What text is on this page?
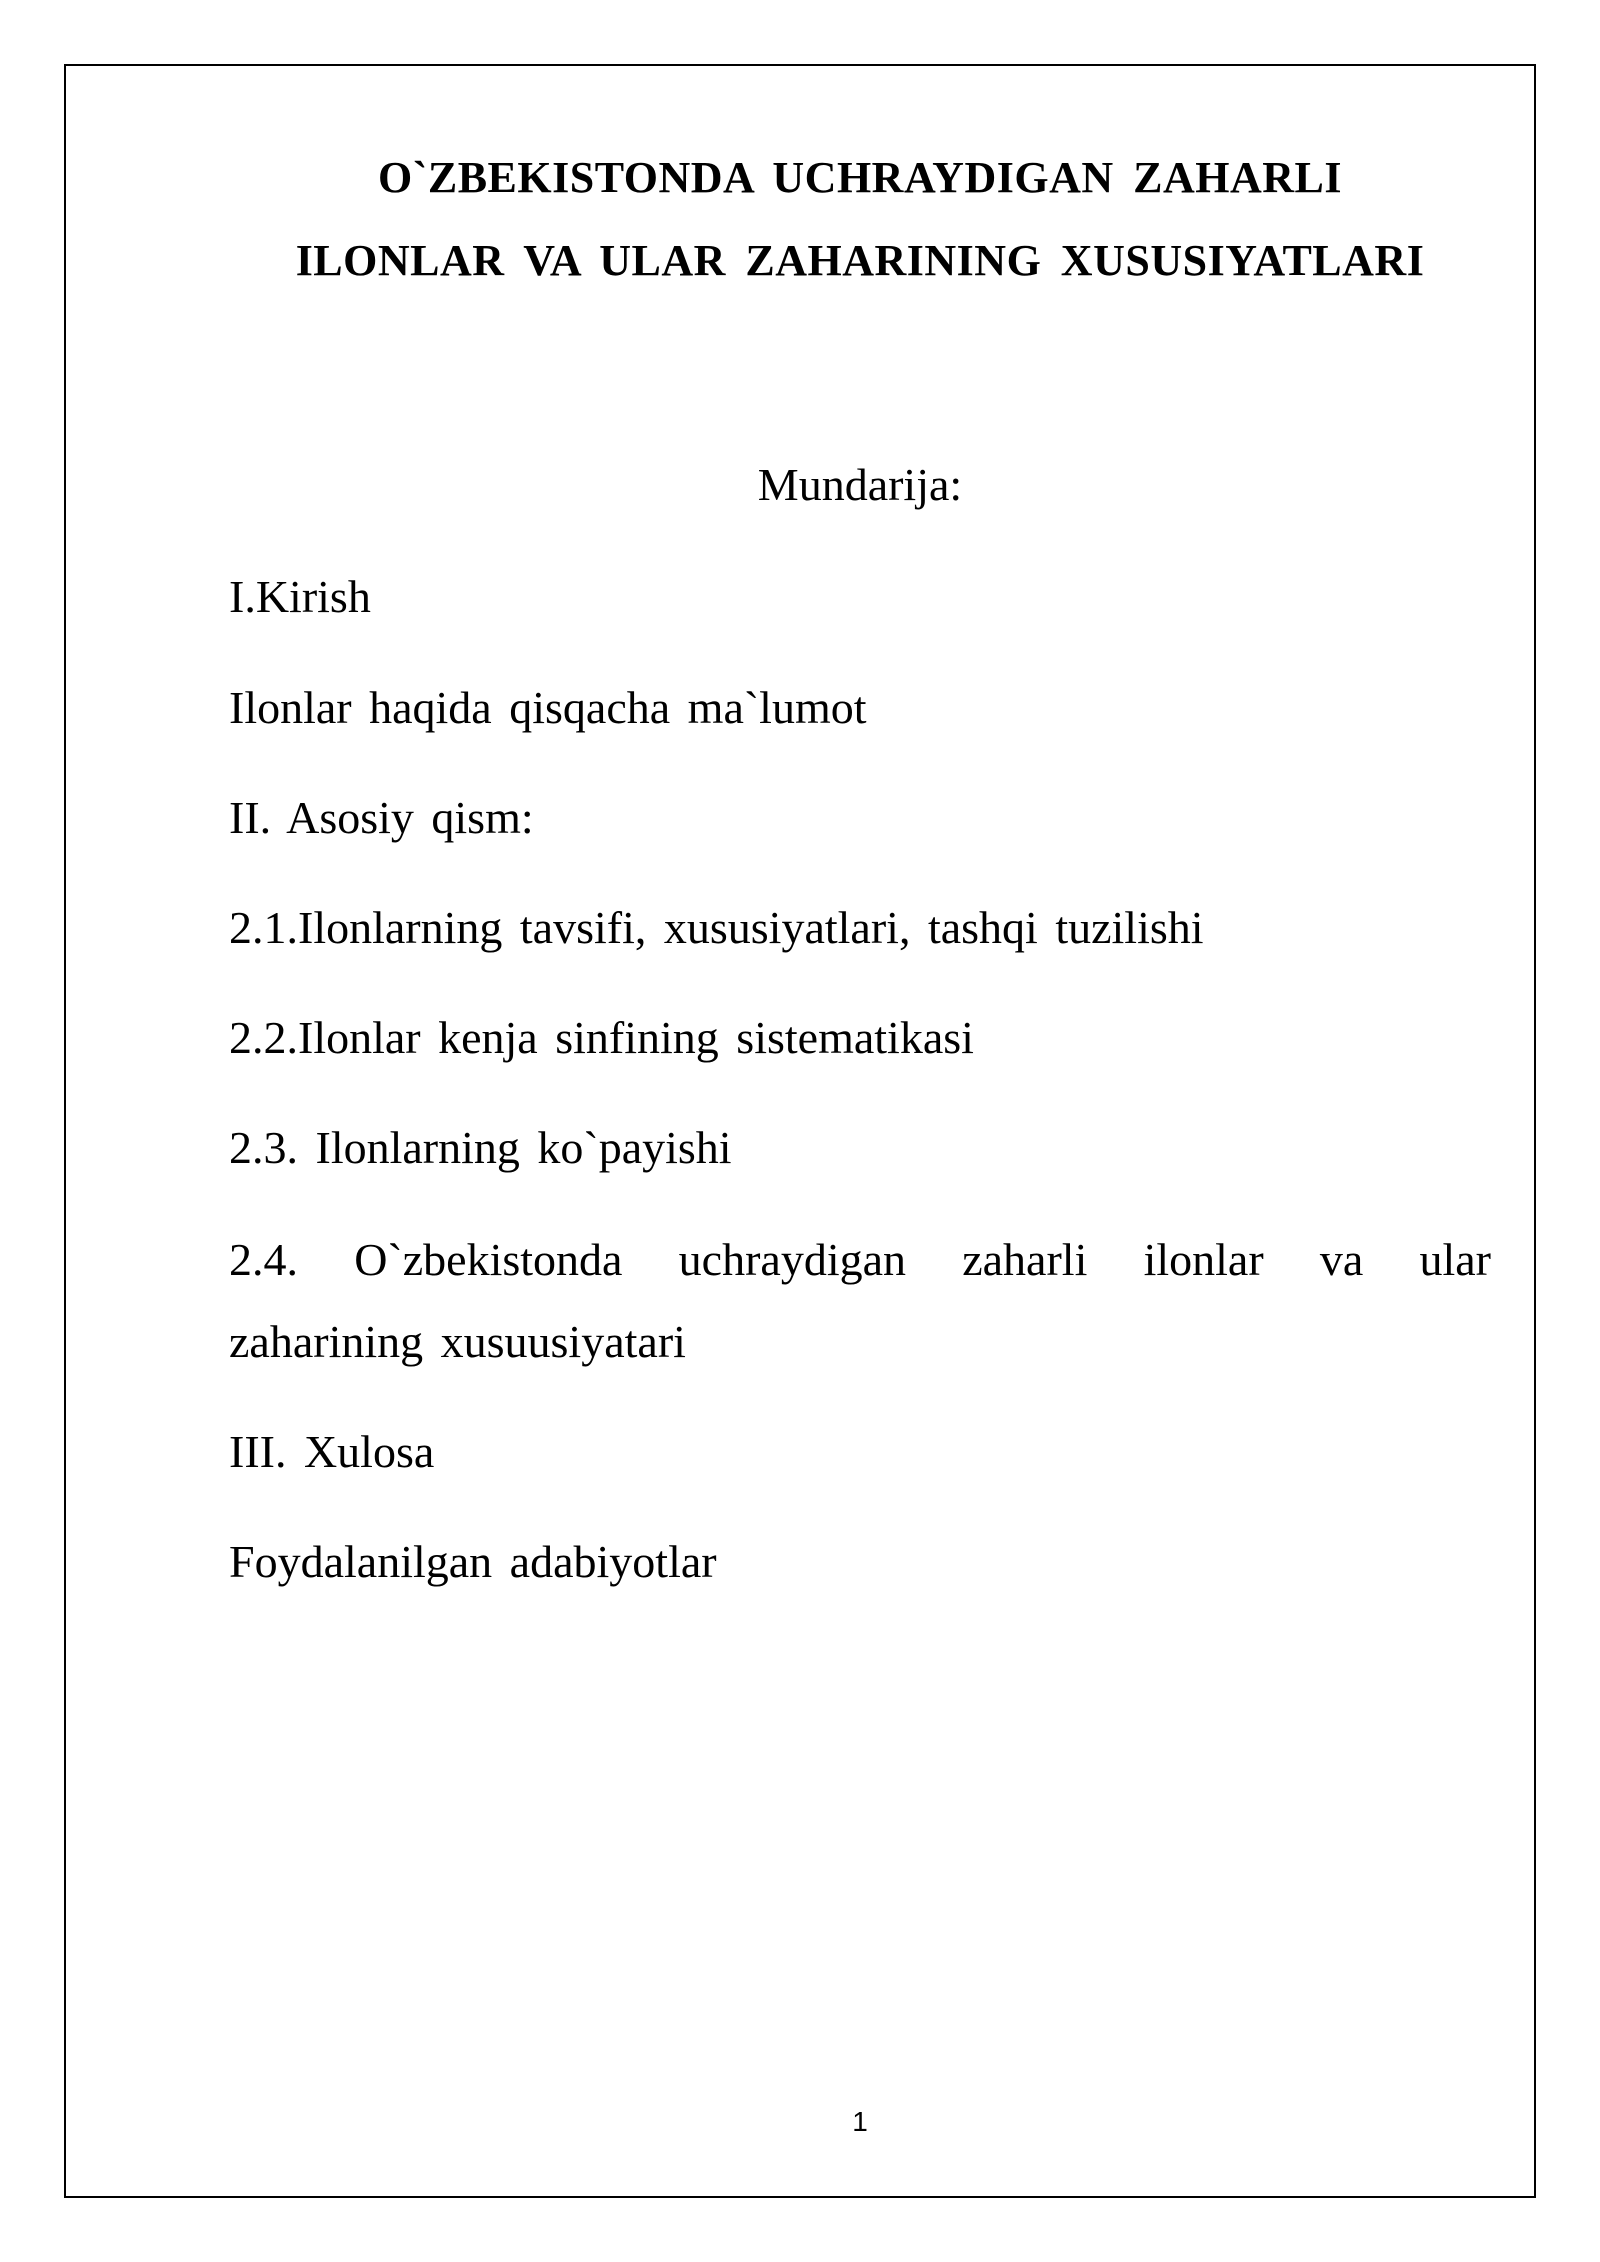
O`ZBEKISTONDA UCHRAYDIGAN ZAHARLI
ILONLAR VA ULAR ZAHARINING XUSUSIYATLARI
Mundarija:
I.Kirish
Ilonlar haqida qisqacha ma`lumot
II. Asosiy qism:
2.1.Ilonlarning tavsifi, xususiyatlari, tashqi tuzilishi
2.2.Ilonlar kenja sinfining sistematikasi
2.3. Ilonlarning ko`payishi
2.4. O`zbekistonda uchraydigan zaharli ilonlar va ular
zaharining xusuusiyatari
III. Xulosa
Foydalanilgan adabiyotlar
1
